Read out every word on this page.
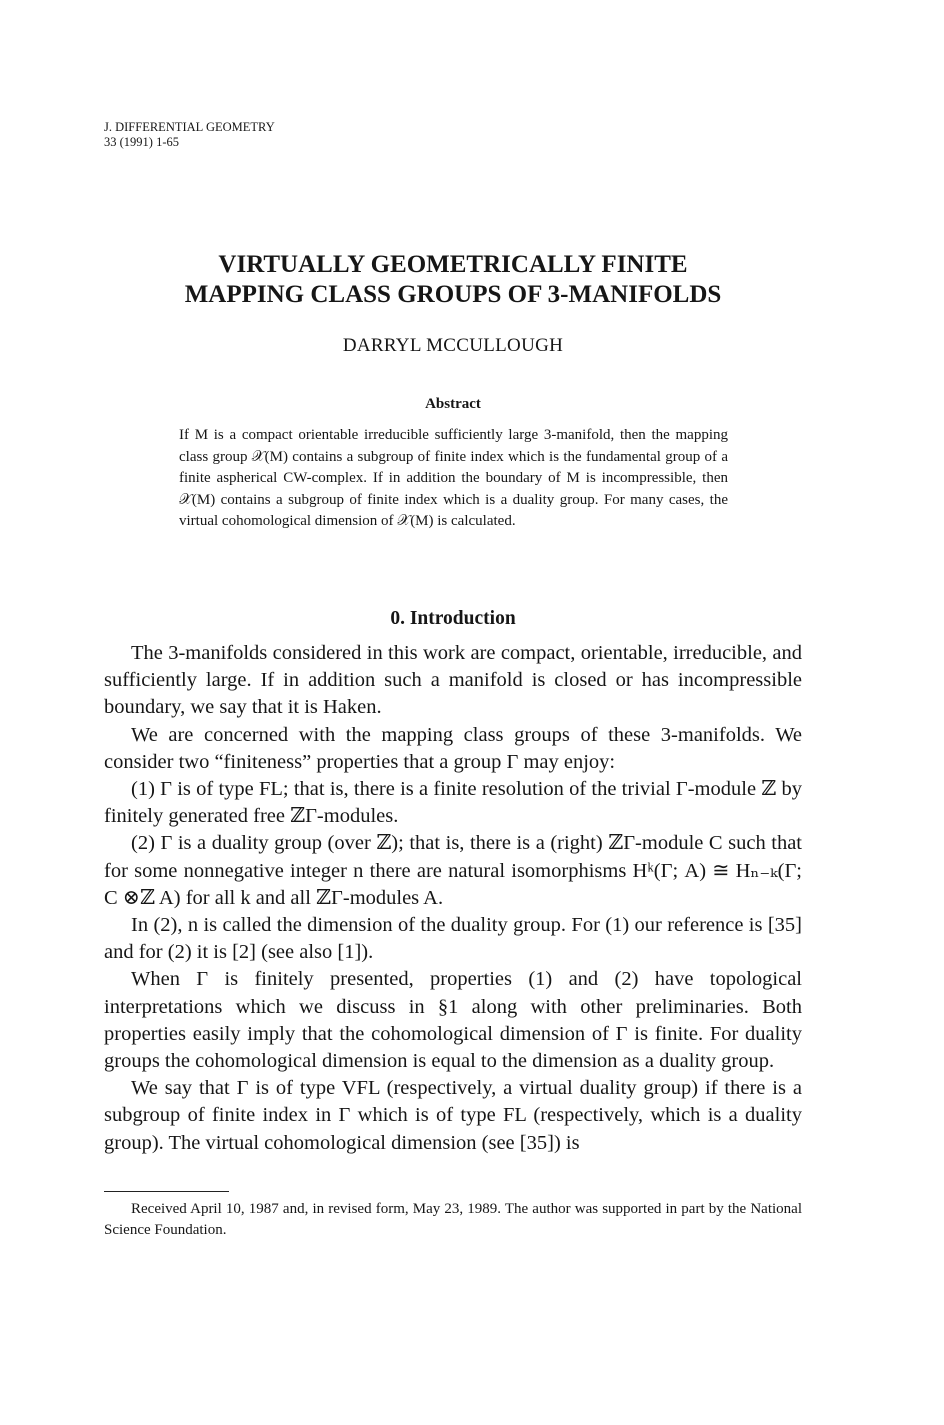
J. DIFFERENTIAL GEOMETRY
33 (1991) 1-65
VIRTUALLY GEOMETRICALLY FINITE
MAPPING CLASS GROUPS OF 3-MANIFOLDS
DARRYL MCCULLOUGH
Abstract
If M is a compact orientable irreducible sufficiently large 3-manifold, then the mapping class group 𝒳(M) contains a subgroup of finite index which is the fundamental group of a finite aspherical CW-complex. If in addition the boundary of M is incompressible, then 𝒳(M) contains a subgroup of finite index which is a duality group. For many cases, the virtual cohomological dimension of 𝒳(M) is calculated.
0. Introduction

The 3-manifolds considered in this work are compact, orientable, irreducible, and sufficiently large. If in addition such a manifold is closed or has incompressible boundary, we say that it is Haken.

We are concerned with the mapping class groups of these 3-manifolds. We consider two “finiteness” properties that a group Γ may enjoy:

(1) Γ is of type FL; that is, there is a finite resolution of the trivial Γ-module ℤ by finitely generated free ℤΓ-modules.

(2) Γ is a duality group (over ℤ); that is, there is a (right) ℤΓ-module C such that for some nonnegative integer n there are natural isomorphisms Hᵏ(Γ; A) ≅ Hₙ₋ₖ(Γ; C ⊗ℤ A) for all k and all ℤΓ-modules A.

In (2), n is called the dimension of the duality group. For (1) our reference is [35] and for (2) it is [2] (see also [1]).

When Γ is finitely presented, properties (1) and (2) have topological interpretations which we discuss in §1 along with other preliminaries. Both properties easily imply that the cohomological dimension of Γ is finite. For duality groups the cohomological dimension is equal to the dimension as a duality group.

We say that Γ is of type VFL (respectively, a virtual duality group) if there is a subgroup of finite index in Γ which is of type FL (respectively, which is a duality group). The virtual cohomological dimension (see [35]) is

Received April 10, 1987 and, in revised form, May 23, 1989. The author was supported in part by the National Science Foundation.
